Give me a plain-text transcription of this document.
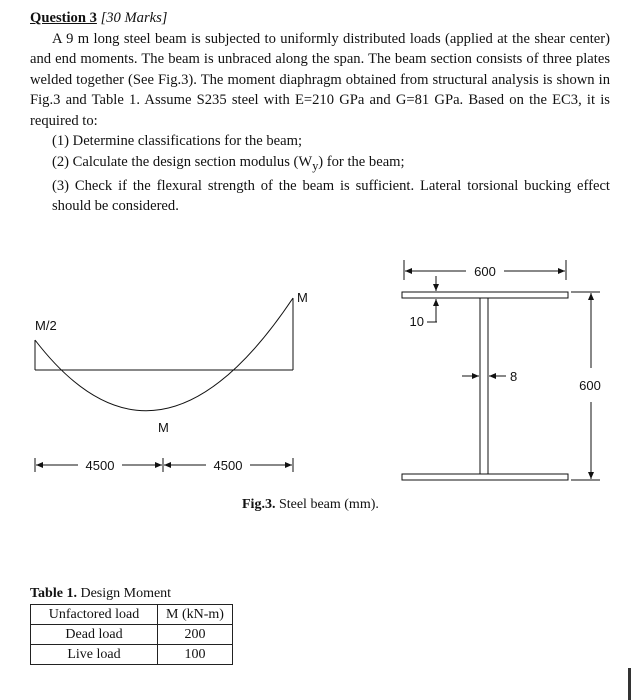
Question 3 [30 Marks]

A 9 m long steel beam is subjected to uniformly distributed loads (applied at the shear center) and end moments. The beam is unbraced along the span. The beam section consists of three plates welded together (See Fig.3). The moment diaphragm obtained from structural analysis is shown in Fig.3 and Table 1. Assume S235 steel with E=210 GPa and G=81 GPa. Based on the EC3, it is required to:

(1) Determine classifications for the beam;
(2) Calculate the design section modulus $(W_y)$ for the beam;
(3) Check if the flexural strength of the beam is sufficient. Lateral torsional bucking effect should be considered.
M/2
M
M
4500	4500
600
10
8
600
Fig.3. Steel beam (mm).
Table 1. Design Moment
Unfactored load	M (kN-m)
Dead load	200
Live load	100
